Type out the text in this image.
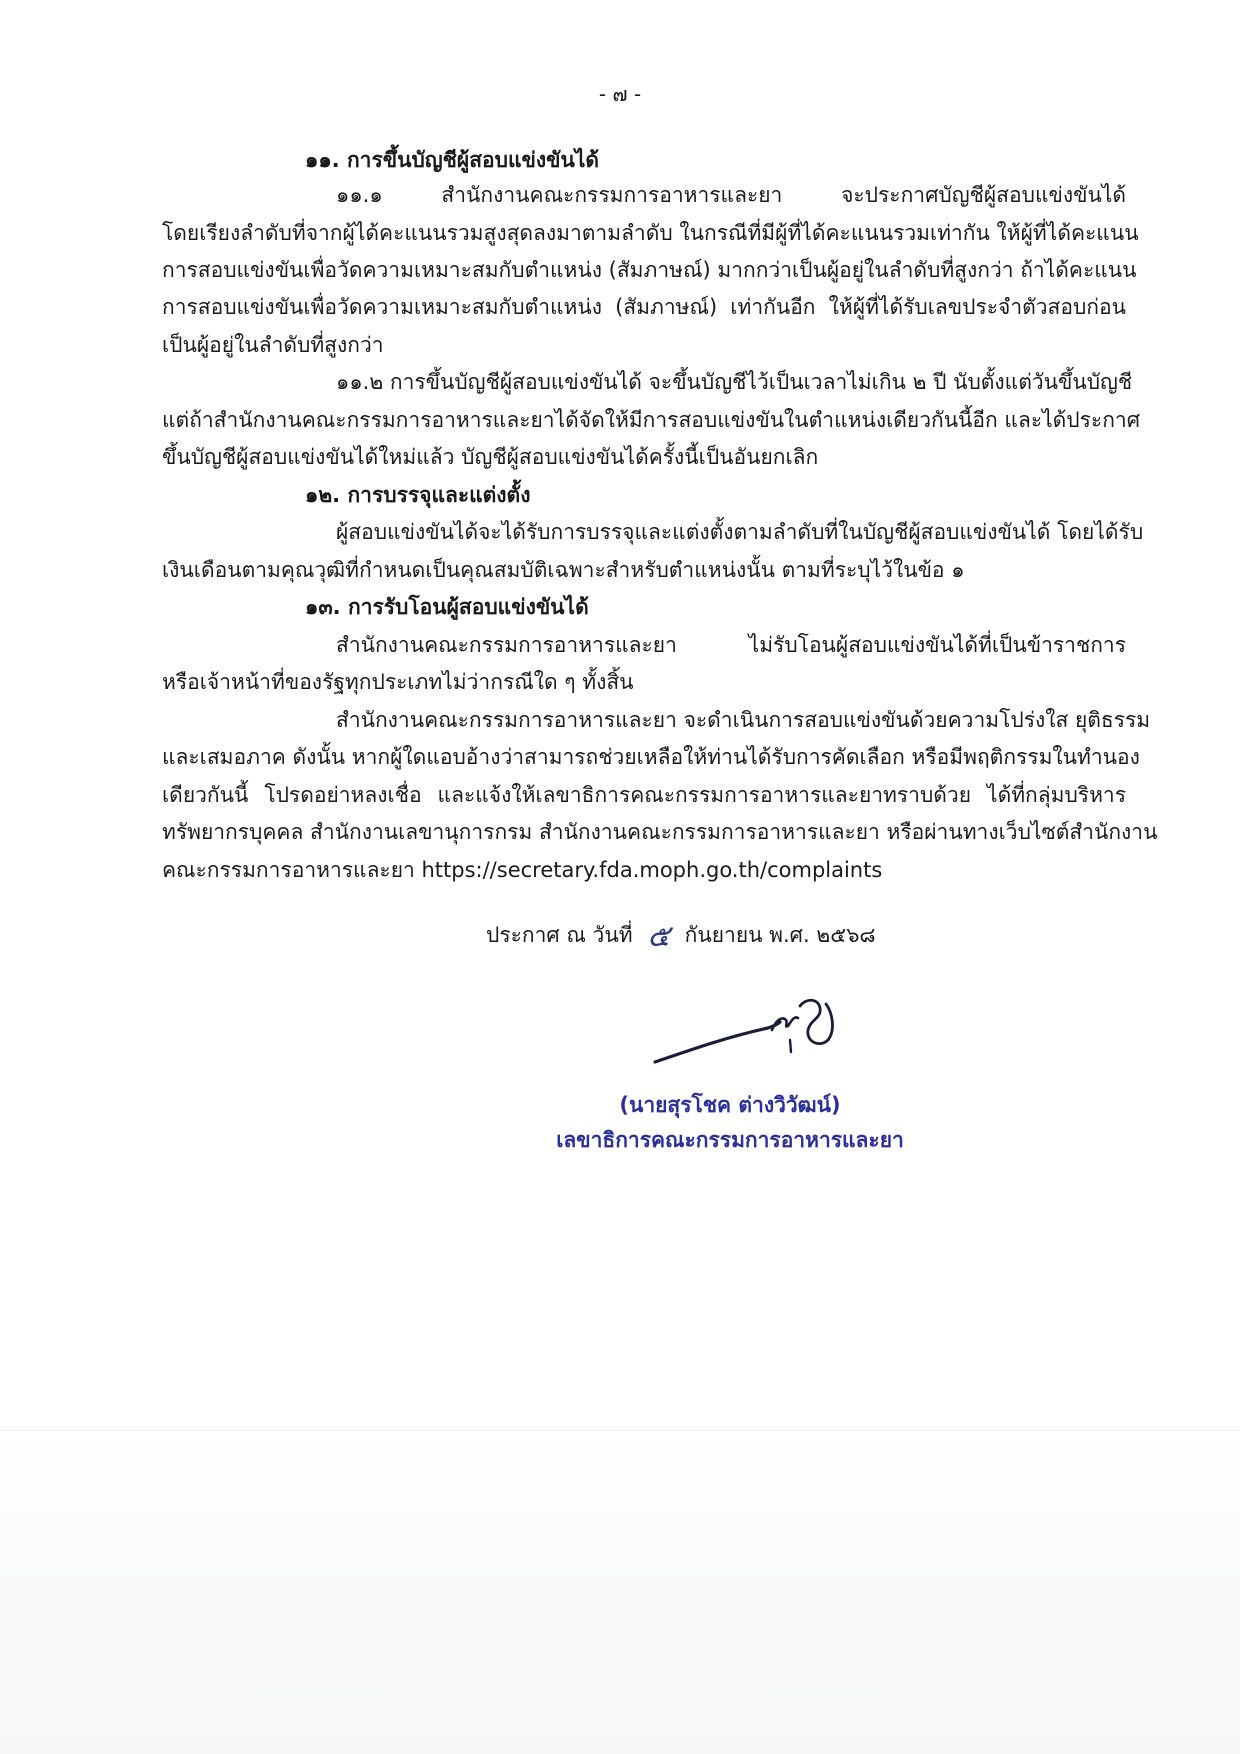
- ๗ -
๑๑. การขึ้นบัญชีผู้สอบแข่งขันได้
๑๑.๑ สำนักงานคณะกรรมการอาหารและยา จะประกาศบัญชีผู้สอบแข่งขันได้
โดยเรียงลำดับที่จากผู้ได้คะแนนรวมสูงสุดลงมาตามลำดับ ในกรณีที่มีผู้ที่ได้คะแนนรวมเท่ากัน ให้ผู้ที่ได้คะแนน
การสอบแข่งขันเพื่อวัดความเหมาะสมกับตำแหน่ง (สัมภาษณ์) มากกว่าเป็นผู้อยู่ในลำดับที่สูงกว่า ถ้าได้คะแนน
การสอบแข่งขันเพื่อวัดความเหมาะสมกับตำแหน่ง (สัมภาษณ์) เท่ากันอีก ให้ผู้ที่ได้รับเลขประจำตัวสอบก่อน
เป็นผู้อยู่ในลำดับที่สูงกว่า
๑๑.๒ การขึ้นบัญชีผู้สอบแข่งขันได้ จะขึ้นบัญชีไว้เป็นเวลาไม่เกิน ๒ ปี นับตั้งแต่วันขึ้นบัญชี
แต่ถ้าสำนักงานคณะกรรมการอาหารและยาได้จัดให้มีการสอบแข่งขันในตำแหน่งเดียวกันนี้อีก และได้ประกาศ
ขึ้นบัญชีผู้สอบแข่งขันได้ใหม่แล้ว บัญชีผู้สอบแข่งขันได้ครั้งนี้เป็นอันยกเลิก
๑๒. การบรรจุและแต่งตั้ง
ผู้สอบแข่งขันได้จะได้รับการบรรจุและแต่งตั้งตามลำดับที่ในบัญชีผู้สอบแข่งขันได้ โดยได้รับ
เงินเดือนตามคุณวุฒิที่กำหนดเป็นคุณสมบัติเฉพาะสำหรับตำแหน่งนั้น ตามที่ระบุไว้ในข้อ ๑
๑๓. การรับโอนผู้สอบแข่งขันได้
สำนักงานคณะกรรมการอาหารและยา ไม่รับโอนผู้สอบแข่งขันได้ที่เป็นข้าราชการ
หรือเจ้าหน้าที่ของรัฐทุกประเภทไม่ว่ากรณีใด ๆ ทั้งสิ้น
สำนักงานคณะกรรมการอาหารและยา จะดำเนินการสอบแข่งขันด้วยความโปร่งใส ยุติธรรม
และเสมอภาค ดังนั้น หากผู้ใดแอบอ้างว่าสามารถช่วยเหลือให้ท่านได้รับการคัดเลือก หรือมีพฤติกรรมในทำนอง
เดียวกันนี้ โปรดอย่าหลงเชื่อ และแจ้งให้เลขาธิการคณะกรรมการอาหารและยาทราบด้วย ได้ที่กลุ่มบริหาร
ทรัพยากรบุคคล สำนักงานเลขานุการกรม สำนักงานคณะกรรมการอาหารและยา หรือผ่านทางเว็บไซต์สำนักงาน
คณะกรรมการอาหารและยา https://secretary.fda.moph.go.th/complaints
ประกาศ ณ วันที่ ๕ กันยายน พ.ศ. ๒๕๖๘
(นายสุรโชค ต่างวิวัฒน์)
เลขาธิการคณะกรรมการอาหารและยา
